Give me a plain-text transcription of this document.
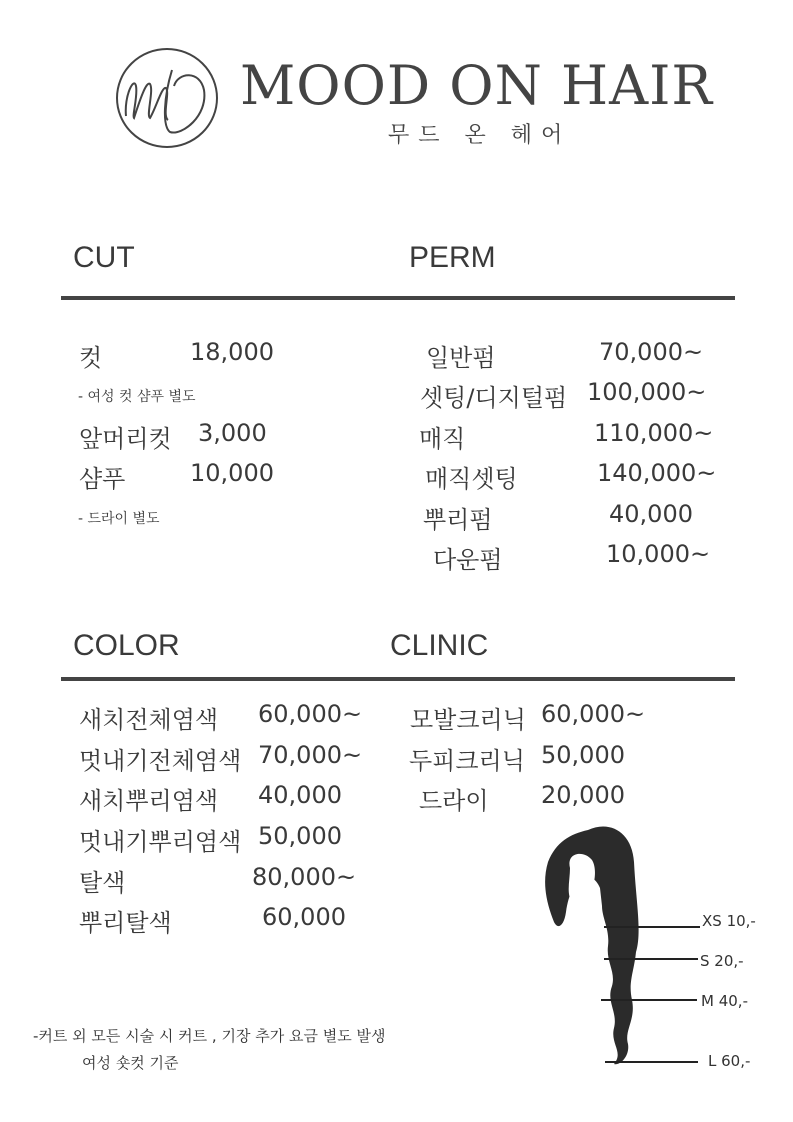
MOOD ON HAIR
무드 온 헤어
CUT	PERM
컷	18,000
- 여성 컷 샴푸 별도
앞머리컷 3,000
샴푸	10,000
- 드라이 별도
일반펌	70,000~
셋팅/디지털펌 100,000~
매직	110,000~
매직셋팅	140,000~
뿌리펌	40,000
다운펌	10,000~
COLOR	CLINIC
새치전체염색 60,000~
멋내기전체염색 70,000~
새치뿌리염색 40,000
멋내기뿌리염색 50,000
탈색	80,000~
뿌리탈색	60,000
모발크리닉 60,000~
두피크리닉 50,000
드라이 20,000
XS 10,-
S 20,-
M 40,-
L 60,-
-커트 외 모든 시술 시 커트 , 기장 추가 요금 별도 발생
여성 숏컷 기준
